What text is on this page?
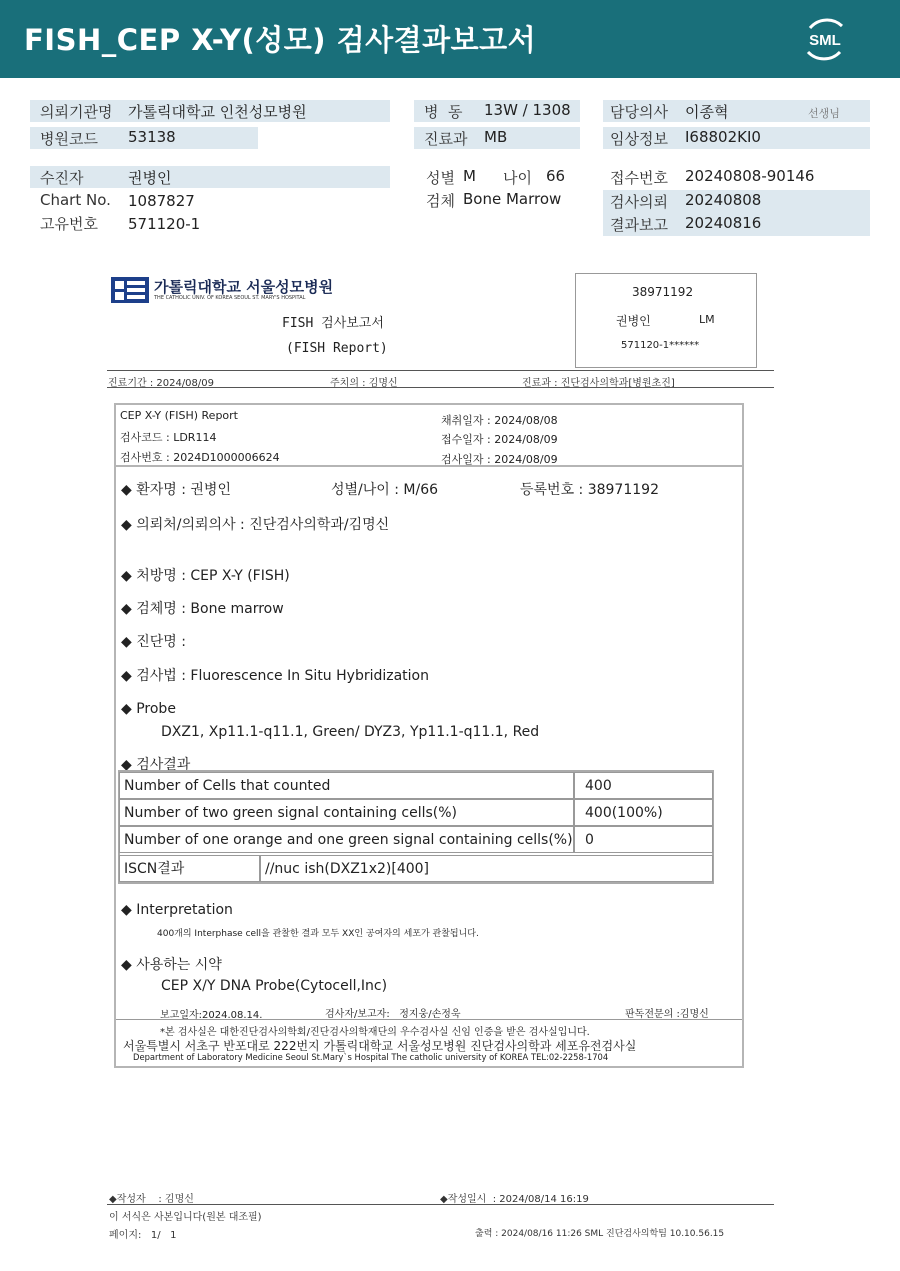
FISH_CEP X-Y(성모) 검사결과보고서	SML
의뢰기관명 가톨릭대학교 인천성모병원
병원코드 53138
병  동 13W / 1308
진료과 MB
담당의사 이종혁	선생님
임상정보 I68802KI0
수진자	권병인
Chart No. 1087827
고유번호 571120-1
성별 M 나이 66
검체 Bone Marrow
접수번호 20240808-90146
검사의뢰 20240808
결과보고 20240816
가톨릭대학교 서울성모병원
THE CATHOLIC UNIV. OF KOREA SEOUL ST. MARY'S HOSPITAL
FISH 검사보고서
(FISH Report)
38971192
권병인	LM
571120-1******
진료기간 : 2024/08/09	주치의 : 김명신	진료과 : 진단검사의학과[병원초진]
CEP X-Y (FISH) Report
검사코드 : LDR114
검사번호 : 2024D1000006624
채취일자 : 2024/08/08
접수일자 : 2024/08/09
검사일자 : 2024/08/09
◆ 환자명 : 권병인	성별/나이 : M/66	등록번호 : 38971192
◆ 의뢰처/의뢰의사 : 진단검사의학과/김명신
◆ 처방명 : CEP X-Y (FISH)
◆ 검체명 : Bone marrow
◆ 진단명 :
◆ 검사법 : Fluorescence In Situ Hybridization
◆ Probe
DXZ1, Xp11.1-q11.1, Green/ DYZ3, Yp11.1-q11.1, Red
◆ 검사결과
Number of Cells that counted	400
Number of two green signal containing cells(%)	400(100%)
Number of one orange and one green signal containing cells(%) 0
ISCN결과	//nuc ish(DXZ1x2)[400]
◆ Interpretation
400개의 Interphase cell을 관찰한 결과 모두 XX인 공여자의 세포가 관찰됩니다.
◆ 사용하는 시약
CEP X/Y DNA Probe(Cytocell,Inc)
보고일자:2024.08.14.	검사자/보고자:   정지웅/손정욱	판독전문의 :김명신
*본 검사실은 대한진단검사의학회/진단검사의학재단의 우수검사실 신임 인증을 받은 검사실입니다.
서울특별시 서초구 반포대로 222번지 가톨릭대학교 서울성모병원 진단검사의학과 세포유전검사실
Department of Laboratory Medicine Seoul St.Mary`s Hospital The catholic university of KOREA TEL:02-2258-1704
◆작성자    : 김명신	◆작성일시  : 2024/08/14 16:19
이 서식은 사본입니다(원본 대조필)
페이지:   1/   1	출력 : 2024/08/16 11:26 SML 진단검사의학팀 10.10.56.15
